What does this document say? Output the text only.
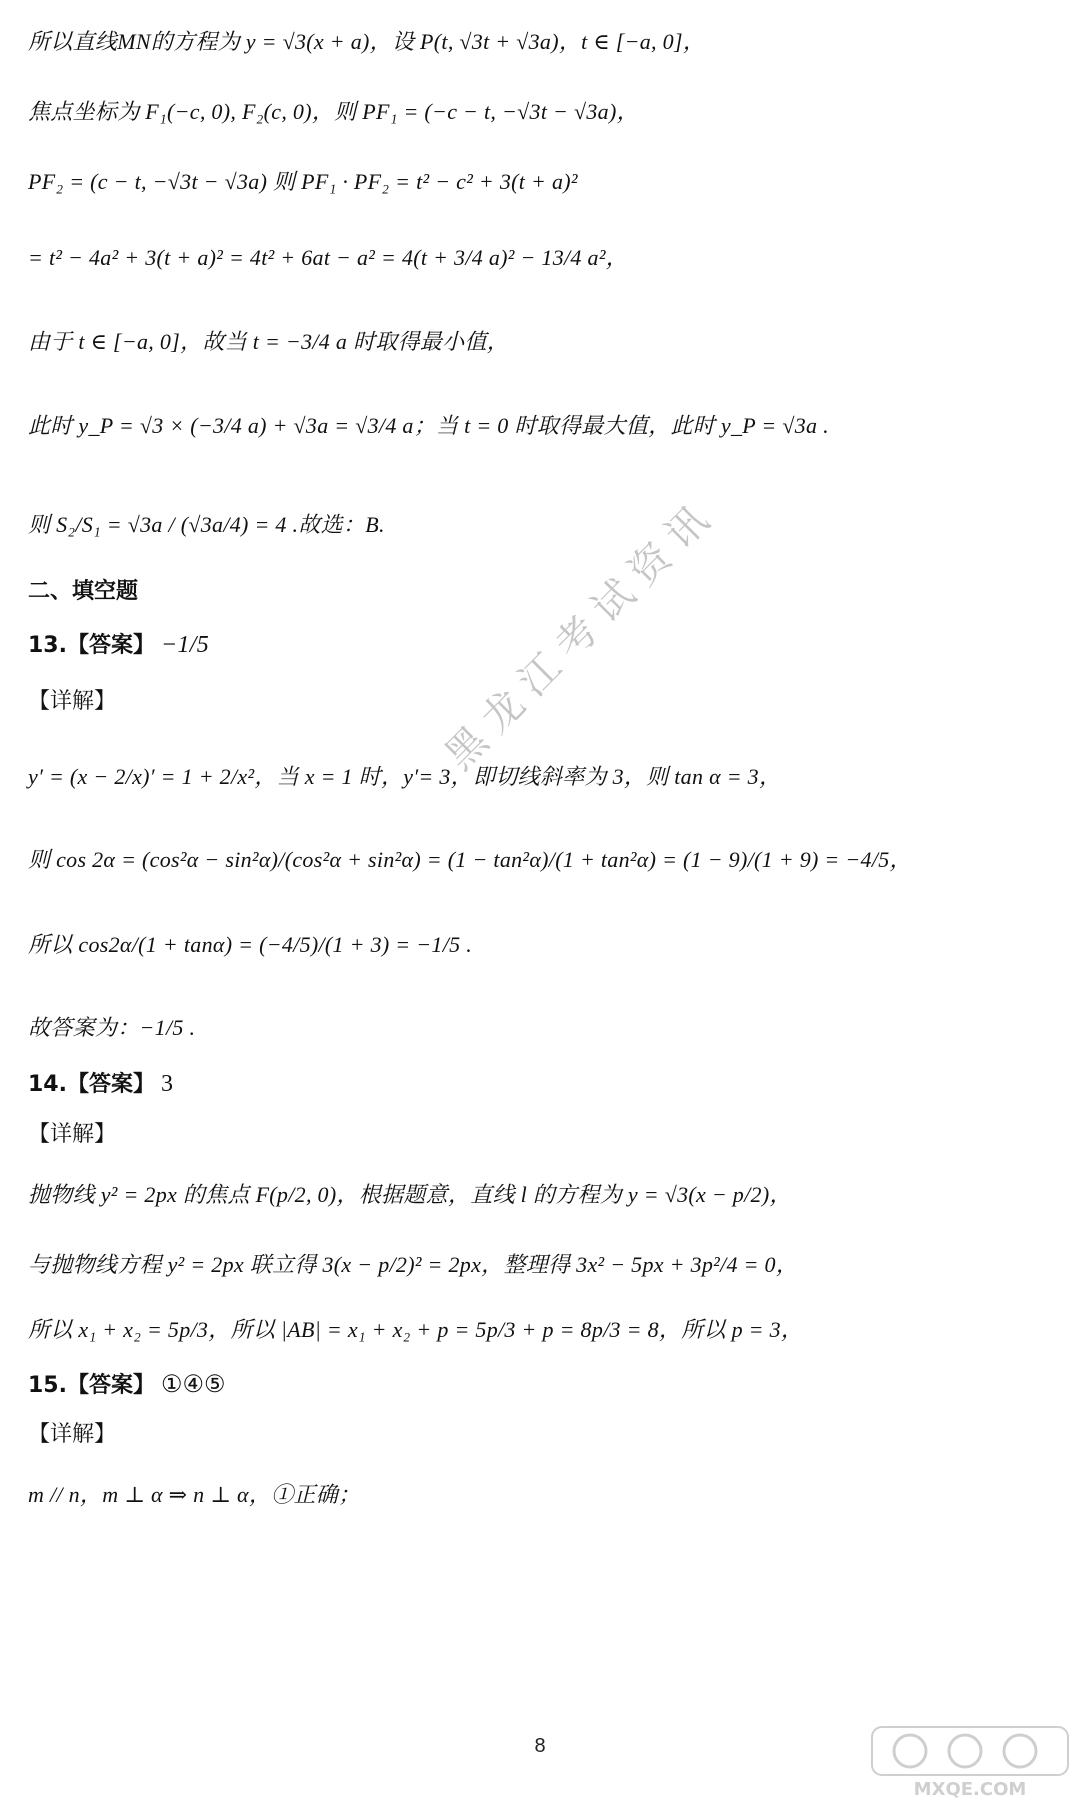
所以直线MN的方程为 y = √3(x + a)，设 P(t, √3t + √3a)，t ∈ [−a, 0]，
焦点坐标为 F₁(−c, 0), F₂(c, 0)，则 PF₁ = (−c − t, −√3t − √3a)，
PF₂ = (c − t, −√3t − √3a) 则 PF₁ · PF₂ = t² − c² + 3(t + a)²
= t² − 4a² + 3(t + a)² = 4t² + 6at − a² = 4(t + 3/4 a)² − 13/4 a²，
由于 t ∈ [−a, 0]，故当 t = −3/4 a 时取得最小值，
此时 y_P = √3 × (−3/4 a) + √3a = √3/4 a；当 t = 0 时取得最大值，此时 y_P = √3a .
则 S₂/S₁ = √3a / (√3a/4) = 4 .故选：B.
二、填空题
13.【答案】 −1/5
【详解】
y′ = (x − 2/x)′ = 1 + 2/x²，当 x = 1 时，y′= 3，即切线斜率为 3，则 tan α = 3，
则 cos 2α = (cos²α − sin²α)/(cos²α + sin²α) = (1 − tan²α)/(1 + tan²α) = (1 − 9)/(1 + 9) = −4/5，
所以 cos2α/(1 + tanα) = (−4/5)/(1 + 3) = −1/5 .
故答案为：−1/5 .
14.【答案】 3
【详解】
抛物线 y² = 2px 的焦点 F(p/2, 0)，根据题意，直线 l 的方程为 y = √3(x − p/2)，
与抛物线方程 y² = 2px 联立得 3(x − p/2)² = 2px，整理得 3x² − 5px + 3p²/4 = 0，
所以 x₁ + x₂ = 5p/3，所以 |AB| = x₁ + x₂ + p = 5p/3 + p = 8p/3 = 8，所以 p = 3，
15.【答案】 ①④⑤
【详解】
m // n，m ⊥ α ⇒ n ⊥ α，①正确；
黑龙江考试资讯
8
MXQE.COM
